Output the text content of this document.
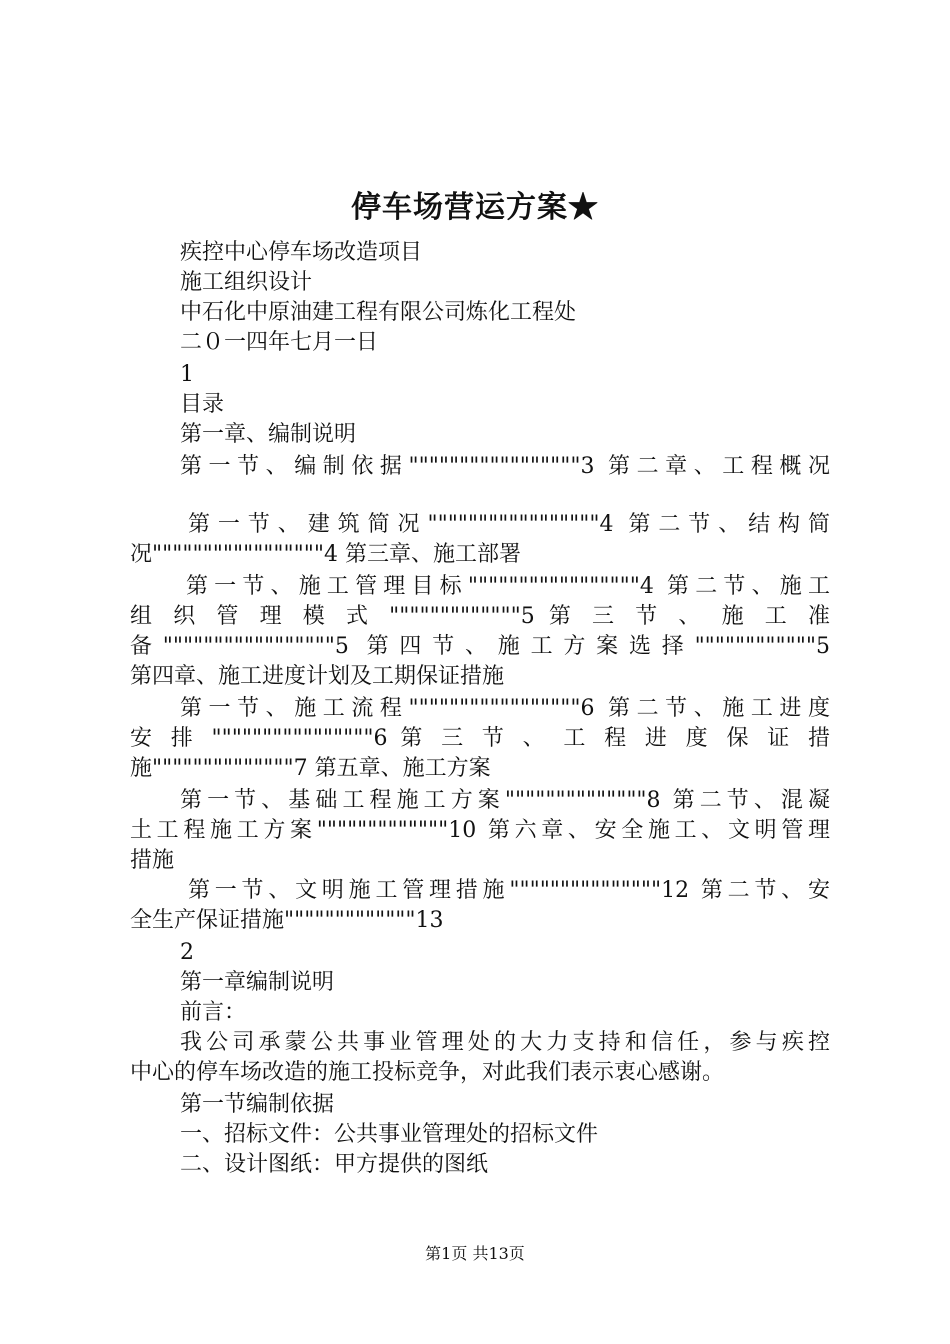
停车场营运方案★
疾控中心停车场改造项目
施工组织设计
中石化中原油建工程有限公司炼化工程处
二０一四年七月一日
1
目录
第一章、编制说明
第一节、编制依据"""""""""""""""""3 第二章、工程概况
第一节、建筑简况"""""""""""""""""4 第二节、结构简
况"""""""""""""""""4 第三章、施工部署
第一节、施工管理目标"""""""""""""""""4 第二节、施工
组 织 管 理 模 式 """""""""""""5 第 三 节 、 施 工 准
备"""""""""""""""""5 第四节、施工方案选择""""""""""""5
第四章、施工进度计划及工期保证措施
第一节、施工流程"""""""""""""""""6 第二节、施工进度
安 排 """"""""""""""""6 第 三 节 、 工 程 进 度 保 证 措
施""""""""""""""7 第五章、施工方案
第一节、基础工程施工方案""""""""""""""8 第二节、混凝
土工程施工方案"""""""""""""10 第六章、安全施工、文明管理
措施
第一节、文明施工管理措施"""""""""""""""12 第二节、安
全生产保证措施"""""""""""""13
2
第一章编制说明
前言：
我公司承蒙公共事业管理处的大力支持和信任，参与疾控
中心的停车场改造的施工投标竞争，对此我们表示衷心感谢。
第一节编制依据
一、招标文件：公共事业管理处的招标文件
二、设计图纸：甲方提供的图纸
第1页 共13页
